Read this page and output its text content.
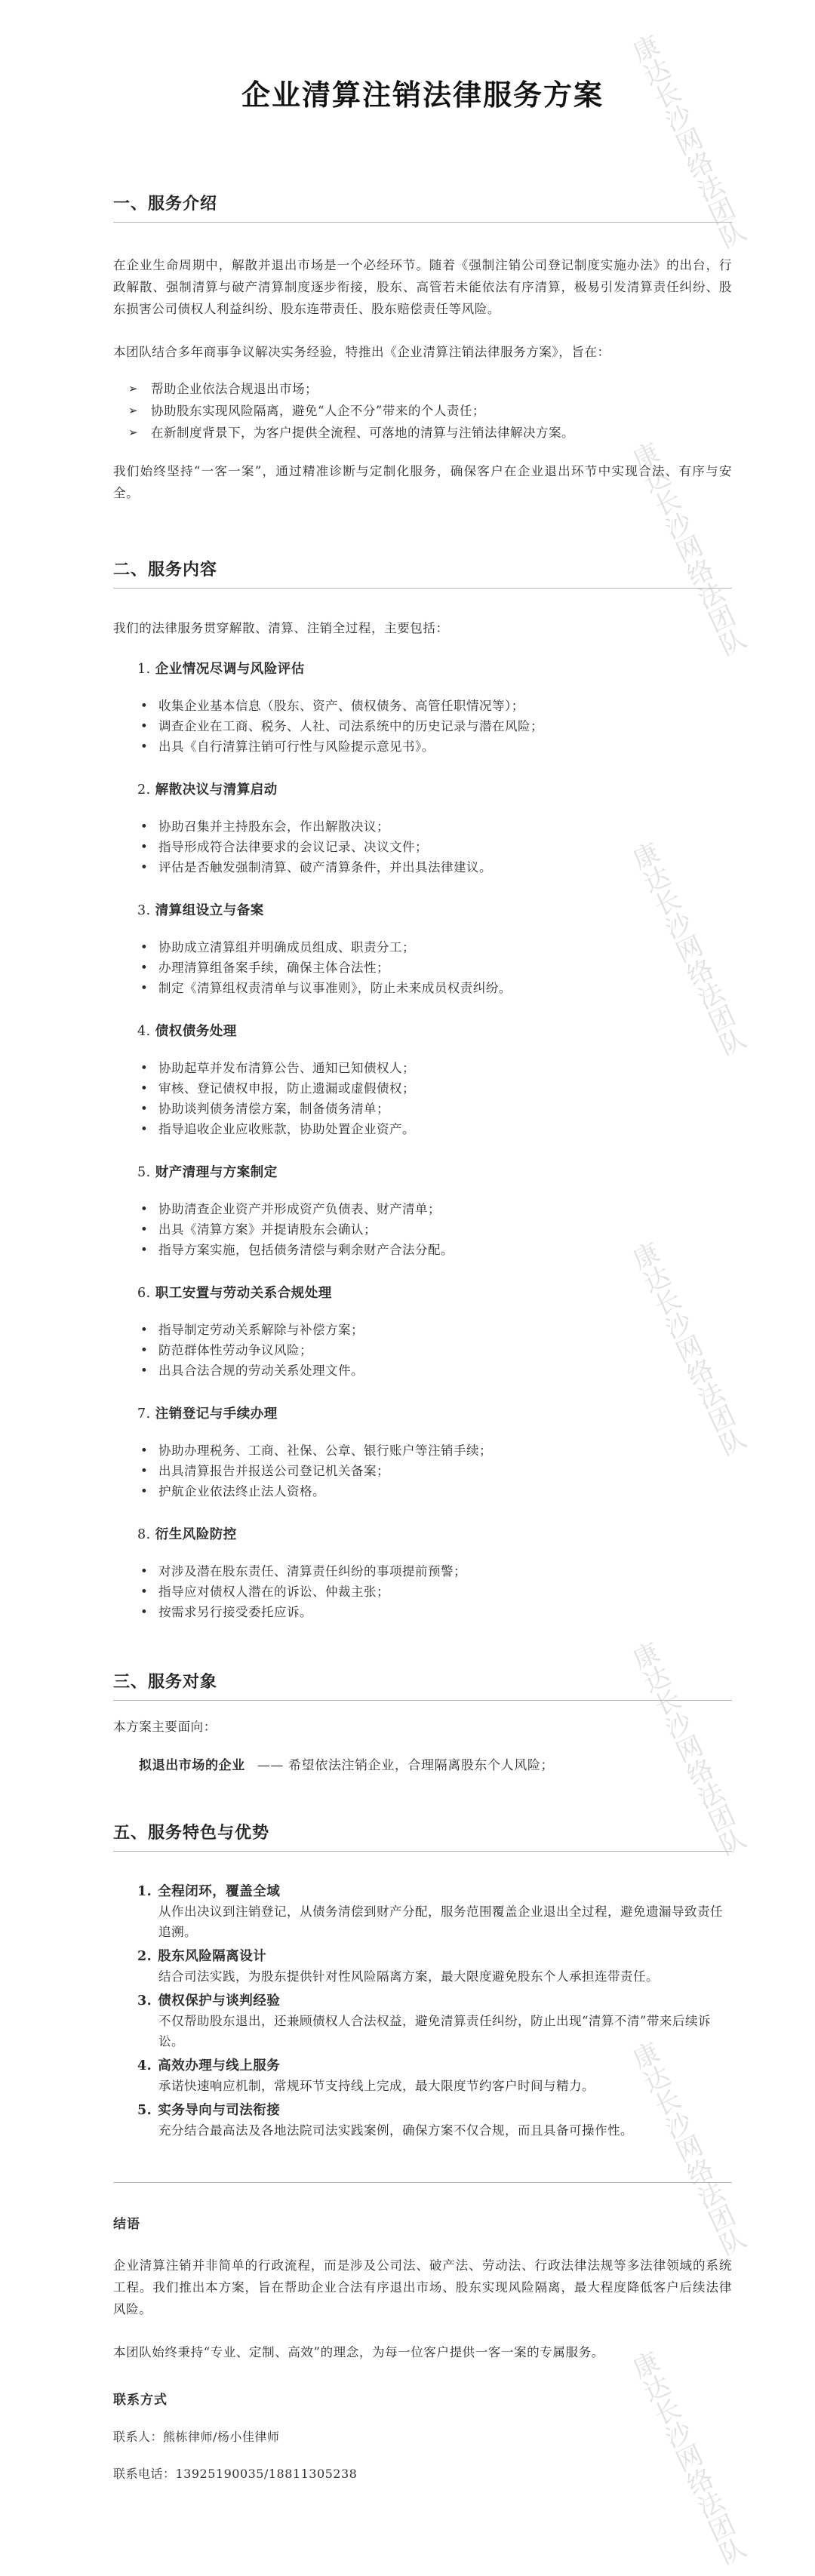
康达长沙网络法团队
康达长沙网络法团队
康达长沙网络法团队
康达长沙网络法团队
康达长沙网络法团队
康达长沙网络法团队
康达长沙网络法团队
企业清算注销法律服务方案
一、服务介绍

在企业生命周期中，解散并退出市场是一个必经环节。随着《强制注销公司登记制度实施办法》的出台，行政解散、强制清算与破产清算制度逐步衔接，股东、高管若未能依法有序清算，极易引发清算责任纠纷、股东损害公司债权人利益纠纷、股东连带责任、股东赔偿责任等风险。

本团队结合多年商事争议解决实务经验，特推出《企业清算注销法律服务方案》，旨在：

➢ 帮助企业依法合规退出市场；
➢ 协助股东实现风险隔离，避免“人企不分”带来的个人责任；
➢ 在新制度背景下，为客户提供全流程、可落地的清算与注销法律解决方案。

我们始终坚持“一客一案”，通过精准诊断与定制化服务，确保客户在企业退出环节中实现合法、有序与安全。

二、服务内容

我们的法律服务贯穿解散、清算、注销全过程，主要包括：

1. 企业情况尽调与风险评估
• 收集企业基本信息（股东、资产、债权债务、高管任职情况等）；
• 调查企业在工商、税务、人社、司法系统中的历史记录与潜在风险；
• 出具《自行清算注销可行性与风险提示意见书》。
2. 解散决议与清算启动
• 协助召集并主持股东会，作出解散决议；
• 指导形成符合法律要求的会议记录、决议文件；
• 评估是否触发强制清算、破产清算条件，并出具法律建议。
3. 清算组设立与备案
• 协助成立清算组并明确成员组成、职责分工；
• 办理清算组备案手续，确保主体合法性；
• 制定《清算组权责清单与议事准则》，防止未来成员权责纠纷。
4. 债权债务处理
• 协助起草并发布清算公告、通知已知债权人；
• 审核、登记债权申报，防止遗漏或虚假债权；
• 协助谈判债务清偿方案，制备债务清单；
• 指导追收企业应收账款，协助处置企业资产。
5. 财产清理与方案制定
• 协助清查企业资产并形成资产负债表、财产清单；
• 出具《清算方案》并提请股东会确认；
• 指导方案实施，包括债务清偿与剩余财产合法分配。
6. 职工安置与劳动关系合规处理
• 指导制定劳动关系解除与补偿方案；
• 防范群体性劳动争议风险；
• 出具合法合规的劳动关系处理文件。
7. 注销登记与手续办理
• 协助办理税务、工商、社保、公章、银行账户等注销手续；
• 出具清算报告并报送公司登记机关备案；
• 护航企业依法终止法人资格。
8. 衍生风险防控
• 对涉及潜在股东责任、清算责任纠纷的事项提前预警；
• 指导应对债权人潜在的诉讼、仲裁主张；
• 按需求另行接受委托应诉。
三、服务对象

本方案主要面向：

拟退出市场的企业 —— 希望依法注销企业，合理隔离股东个人风险；

五、服务特色与优势
1. 全程闭环，覆盖全域
从作出决议到注销登记，从债务清偿到财产分配，服务范围覆盖企业退出全过程，避免遗漏导致责任追溯。
2. 股东风险隔离设计
结合司法实践，为股东提供针对性风险隔离方案，最大限度避免股东个人承担连带责任。
3. 债权保护与谈判经验
不仅帮助股东退出，还兼顾债权人合法权益，避免清算责任纠纷，防止出现“清算不清”带来后续诉讼。
4. 高效办理与线上服务
承诺快速响应机制，常规环节支持线上完成，最大限度节约客户时间与精力。
5. 实务导向与司法衔接
充分结合最高法及各地法院司法实践案例，确保方案不仅合规，而且具备可操作性。
结语

企业清算注销并非简单的行政流程，而是涉及公司法、破产法、劳动法、行政法律法规等多法律领域的系统工程。我们推出本方案，旨在帮助企业合法有序退出市场、股东实现风险隔离，最大程度降低客户后续法律风险。

本团队始终秉持“专业、定制、高效”的理念，为每一位客户提供一客一案的专属服务。

联系方式

联系人：熊栋律师/杨小佳律师

联系电话：13925190035/18811305238
